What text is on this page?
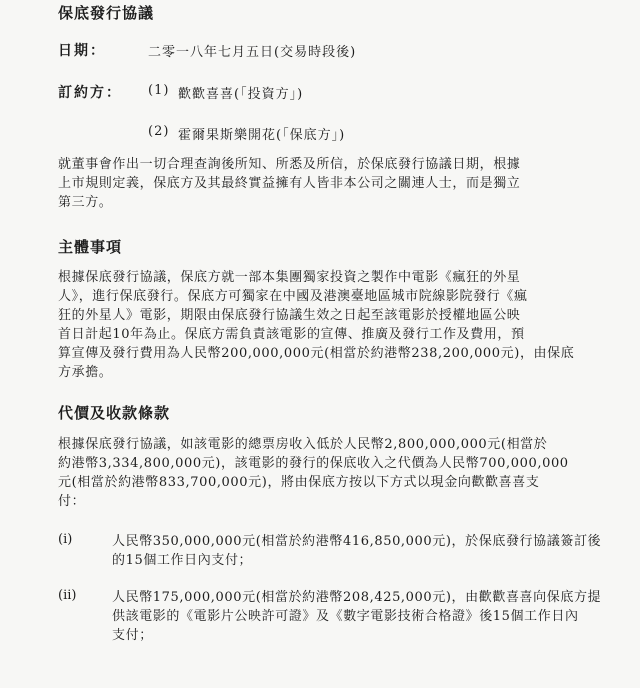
保底發行協議
日期：	二零一八年七月五日(交易時段後)
訂約方： (1) 歡歡喜喜(「投資方」)
(2) 霍爾果斯樂開花(「保底方」)
就董事會作出一切合理查詢後所知、所悉及所信，於保底發行協議日期，根據
上市規則定義，保底方及其最終實益擁有人皆非本公司之關連人士，而是獨立
第三方。
主體事項
根據保底發行協議，保底方就一部本集團獨家投資之製作中電影《瘋狂的外星
人》，進行保底發行。保底方可獨家在中國及港澳臺地區城市院線影院發行《瘋
狂的外星人》電影，期限由保底發行協議生效之日起至該電影於授權地區公映
首日計起10年為止。保底方需負責該電影的宣傳、推廣及發行工作及費用，預
算宣傳及發行費用為人民幣200,000,000元(相當於約港幣238,200,000元)，由保底
方承擔。
代價及收款條款
根據保底發行協議，如該電影的總票房收入低於人民幣2,800,000,000元(相當於
約港幣3,334,800,000元)，該電影的發行的保底收入之代價為人民幣700,000,000
元(相當於約港幣833,700,000元)，將由保底方按以下方式以現金向歡歡喜喜支
付：
(i)	人民幣350,000,000元(相當於約港幣416,850,000元)，於保底發行協議簽訂後
的15個工作日內支付；
(ii)	人民幣175,000,000元(相當於約港幣208,425,000元)，由歡歡喜喜向保底方提
供該電影的《電影片公映許可證》及《數字電影技術合格證》後15個工作日內
支付；
